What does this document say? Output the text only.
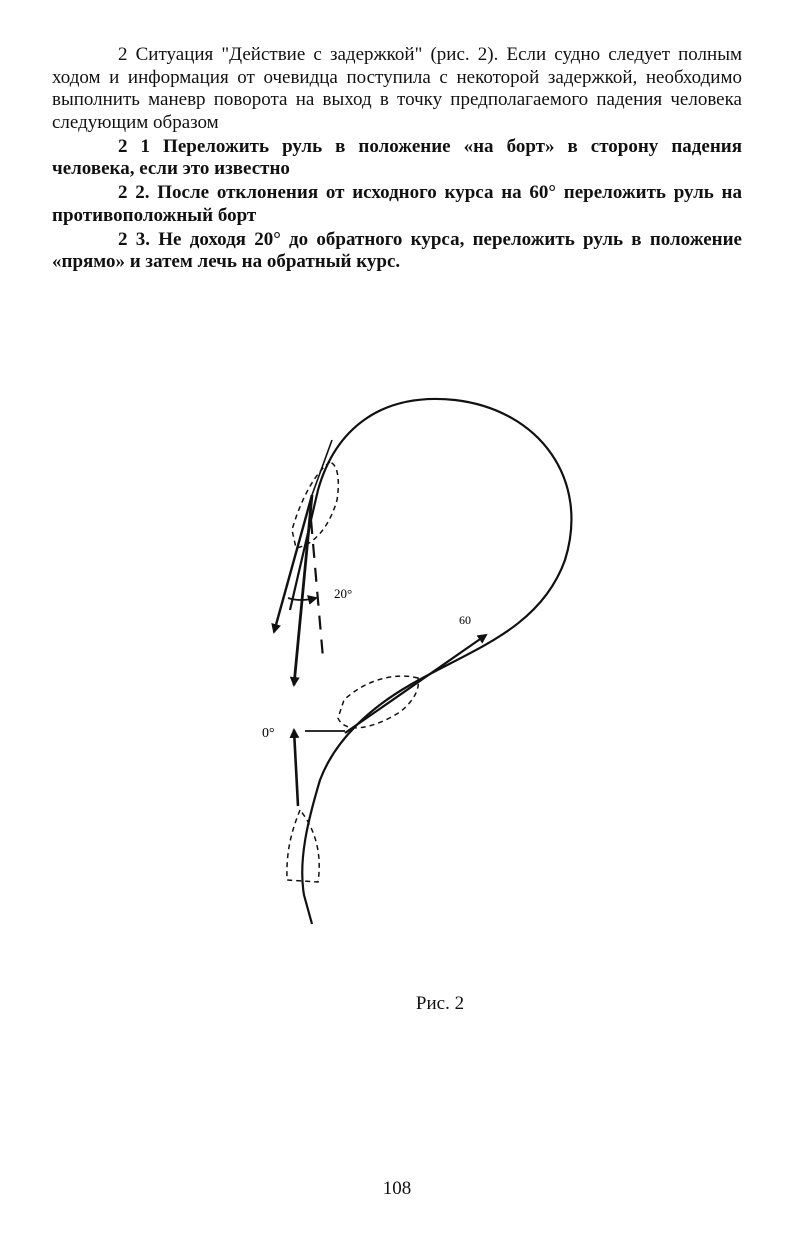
2 Ситуация "Действие с задержкой" (рис. 2). Если судно следует полным ходом и информация от очевидца поступила с некоторой задержкой, необходимо выполнить маневр поворота на выход в точку предполагаемого падения человека следующим образом

2 1 Переложить руль в положение «на борт» в сторону падения человека, если это известно

2 2. После отклонения от исходного курса на 60° переложить руль на противоположный борт

2 3. Не доходя 20° до обратного курса, переложить руль в положение «прямо» и затем лечь на обратный курс.

20°
60
0°
Рис. 2
108
